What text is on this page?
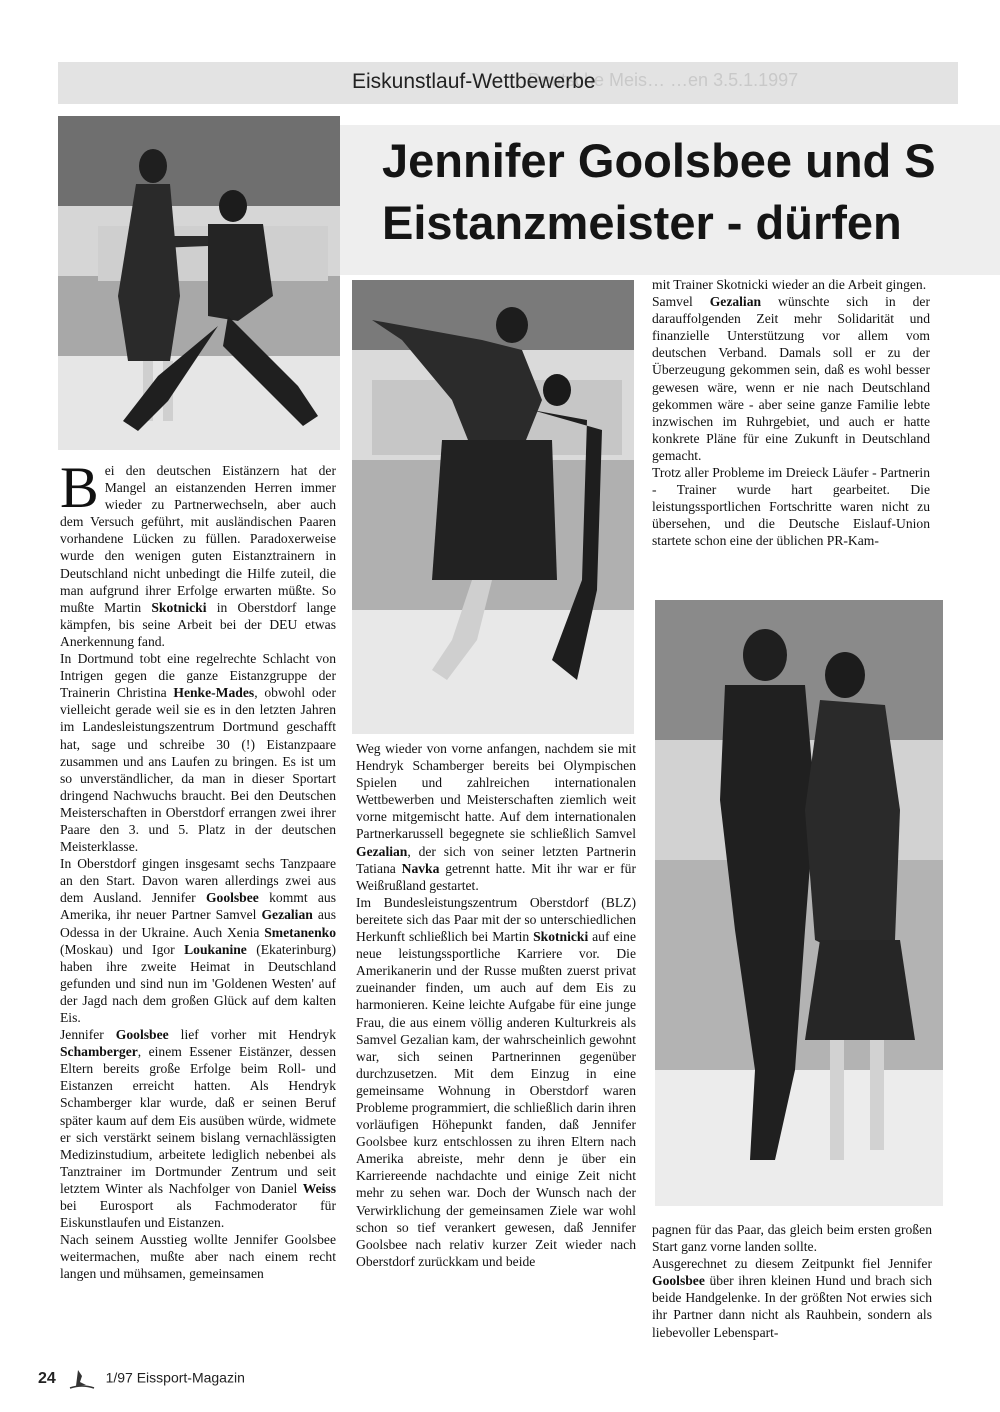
Deutsche Meis… …en 3.5.1.1997
Eiskunstlauf-Wettbewerbe
Jennifer Goolsbee und S
Eistanzmeister - dürfen

Bei den deutschen Eistänzern hat der Mangel an eistanzenden Herren immer wieder zu Partnerwechseln, aber auch dem Versuch geführt, mit ausländischen Paaren vorhandene Lücken zu füllen. Paradoxerweise wurde den wenigen guten Eistanztrainern in Deutschland nicht unbedingt die Hilfe zuteil, die man aufgrund ihrer Erfolge erwarten müßte. So mußte Martin Skotnicki in Oberstdorf lange kämpfen, bis seine Arbeit bei der DEU etwas Anerkennung fand.

In Dortmund tobt eine regelrechte Schlacht von Intrigen gegen die ganze Eistanzgruppe der Trainerin Christina Henke-Mades, obwohl oder vielleicht gerade weil sie es in den letzten Jahren im Landesleistungszentrum Dortmund geschafft hat, sage und schreibe 30 (!) Eistanzpaare zusammen und ans Laufen zu bringen. Es ist um so unverständlicher, da man in dieser Sportart dringend Nachwuchs braucht. Bei den Deutschen Meisterschaften in Oberstdorf errangen zwei ihrer Paare den 3. und 5. Platz in der deutschen Meisterklasse.

In Oberstdorf gingen insgesamt sechs Tanzpaare an den Start. Davon waren allerdings zwei aus dem Ausland. Jennifer Goolsbee kommt aus Amerika, ihr neuer Partner Samvel Gezalian aus Odessa in der Ukraine. Auch Xenia Smetanenko (Moskau) und Igor Loukanine (Ekaterinburg) haben ihre zweite Heimat in Deutschland gefunden und sind nun im 'Goldenen Westen' auf der Jagd nach dem großen Glück auf dem kalten Eis.

Jennifer Goolsbee lief vorher mit Hendryk Schamberger, einem Essener Eistänzer, dessen Eltern bereits große Erfolge beim Roll- und Eistanzen erreicht hatten. Als Hendryk Schamberger klar wurde, daß er seinen Beruf später kaum auf dem Eis ausüben würde, widmete er sich verstärkt seinem bislang vernachlässigten Medizinstudium, arbeitete lediglich nebenbei als Tanztrainer im Dortmunder Zentrum und seit letztem Winter als Nachfolger von Daniel Weiss bei Eurosport als Fachmoderator für Eiskunstlaufen und Eistanzen.

Nach seinem Ausstieg wollte Jennifer Goolsbee weitermachen, mußte aber nach einem recht langen und mühsamen, gemeinsamen

Weg wieder von vorne anfangen, nachdem sie mit Hendryk Schamberger bereits bei Olympischen Spielen und zahlreichen internationalen Wettbewerben und Meisterschaften ziemlich weit vorne mitgemischt hatte. Auf dem internationalen Partnerkarussell begegnete sie schließlich Samvel Gezalian, der sich von seiner letzten Partnerin Tatiana Navka getrennt hatte. Mit ihr war er für Weißrußland gestartet.

Im Bundesleistungszentrum Oberstdorf (BLZ) bereitete sich das Paar mit der so unterschiedlichen Herkunft schließlich bei Martin Skotnicki auf eine neue leistungssportliche Karriere vor. Die Amerikanerin und der Russe mußten zuerst privat zueinander finden, um auch auf dem Eis zu harmonieren. Keine leichte Aufgabe für eine junge Frau, die aus einem völlig anderen Kulturkreis als Samvel Gezalian kam, der wahrscheinlich gewohnt war, sich seinen Partnerinnen gegenüber durchzusetzen. Mit dem Einzug in eine gemeinsame Wohnung in Oberstdorf waren Probleme programmiert, die schließlich darin ihren vorläufigen Höhepunkt fanden, daß Jennifer Goolsbee kurz entschlossen zu ihren Eltern nach Amerika abreiste, mehr denn je über ein Karriereende nachdachte und einige Zeit nicht mehr zu sehen war. Doch der Wunsch nach der Verwirklichung der gemeinsamen Ziele war wohl schon so tief verankert gewesen, daß Jennifer Goolsbee nach relativ kurzer Zeit wieder nach Oberstdorf zurückkam und beide

mit Trainer Skotnicki wieder an die Arbeit gingen.

Samvel Gezalian wünschte sich in der darauffolgenden Zeit mehr Solidarität und finanzielle Unterstützung vor allem vom deutschen Verband. Damals soll er zu der Überzeugung gekommen sein, daß es wohl besser gewesen wäre, wenn er nie nach Deutschland gekommen wäre - aber seine ganze Familie lebte inzwischen im Ruhrgebiet, und auch er hatte konkrete Pläne für eine Zukunft in Deutschland gemacht.

Trotz aller Probleme im Dreieck Läufer - Partnerin - Trainer wurde hart gearbeitet. Die leistungssportlichen Fortschritte waren nicht zu übersehen, und die Deutsche Eislauf-Union startete schon eine der üblichen PR-Kam-

pagnen für das Paar, das gleich beim ersten großen Start ganz vorne landen sollte.

Ausgerechnet zu diesem Zeitpunkt fiel Jennifer Goolsbee über ihren kleinen Hund und brach sich beide Handgelenke. In der größten Not erwies sich ihr Partner dann nicht als Rauhbein, sondern als liebevoller Lebenspart-

24	1/97 Eissport-Magazin
